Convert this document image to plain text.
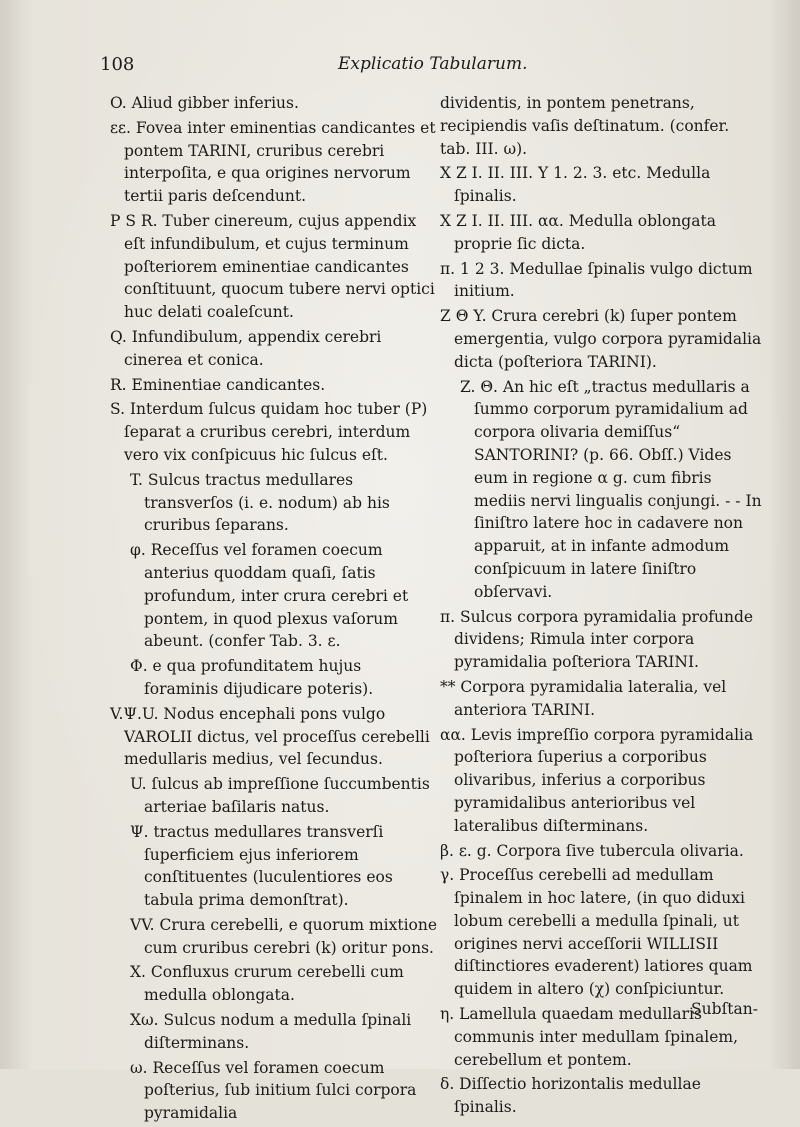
108	Explicatio Tabularum.

O. Aliud gibber inferius.

εε. Fovea inter eminentias candicantes et pontem TARINI, cruribus cerebri interpoſita, e qua origines nervorum tertii paris deſcendunt.

P S R. Tuber cinereum, cujus appendix eſt infundibulum, et cujus terminum poſteriorem eminentiae candicantes conſtituunt, quocum tubere nervi optici huc delati coaleſcunt.

Q. Infundibulum, appendix cerebri cinerea et conica.

R. Eminentiae candicantes.

S. Interdum ſulcus quidam hoc tuber (P) ſeparat a cruribus cerebri, interdum vero vix conſpicuus hic ſulcus eſt.

T. Sulcus tractus medullares transverſos (i. e. nodum) ab his cruribus ſeparans.

φ. Receſſus vel foramen coecum anterius quoddam quaſi, ſatis profundum, inter crura cerebri et pontem, in quod plexus vaſorum abeunt. (confer Tab. 3. ε.

Φ. e qua profunditatem hujus foraminis dijudicare poteris).

V.Ψ.U. Nodus encephali pons vulgo VAROLII dictus, vel proceſſus cerebelli medullaris medius, vel ſecundus.

U. ſulcus ab impreſſione ſuccumbentis arteriae baſilaris natus.

Ψ. tractus medullares transverſi ſuperficiem ejus inferiorem conſtituentes (luculentiores eos tabula prima demonſtrat).

VV. Crura cerebelli, e quorum mixtione cum cruribus cerebri (k) oritur pons.

X. Confluxus crurum cerebelli cum medulla oblongata.

Xω. Sulcus nodum a medulla ſpinali diſterminans.

ω. Receſſus vel foramen coecum poſterius, ſub initium ſulci corpora pyramidalia

dividentis, in pontem penetrans, recipiendis vaſis deſtinatum. (confer. tab. III. ω).

X Z I. II. III. Y 1. 2. 3. etc. Medulla ſpinalis.

X Z I. II. III. αα. Medulla oblongata proprie ſic dicta.

π. 1 2 3. Medullae ſpinalis vulgo dictum initium.

Z Θ Y. Crura cerebri (k) ſuper pontem emergentia, vulgo corpora pyramidalia dicta (poſteriora TARINI).

Z. Θ. An hic eſt „tractus medullaris a ſummo corporum pyramidalium ad corpora olivaria demiſſus“ SANTORINI? (p. 66. Obſſ.) Vides eum in regione α g. cum fibris mediis nervi lingualis conjungi. - - In ſiniſtro latere hoc in cadavere non apparuit, at in infante admodum conſpicuum in latere ſiniſtro obſervavi.

π. Sulcus corpora pyramidalia profunde dividens; Rimula inter corpora pyramidalia poſteriora TARINI.

** Corpora pyramidalia lateralia, vel anteriora TARINI.

αα. Levis impreſſio corpora pyramidalia poſteriora ſuperius a corporibus olivaribus, inferius a corporibus pyramidalibus anterioribus vel lateralibus diſterminans.

β. ε. g. Corpora ſive tubercula olivaria.

γ. Proceſſus cerebelli ad medullam ſpinalem in hoc latere, (in quo diduxi lobum cerebelli a medulla ſpinali, ut origines nervi acceſſorii WILLISII diſtinctiores evaderent) latiores quam quidem in altero (χ) conſpiciuntur.

η. Lamellula quaedam medullaris communis inter medullam ſpinalem, cerebellum et pontem.

δ. Diſſectio horizontalis medullae ſpinalis.

Subſtan-
